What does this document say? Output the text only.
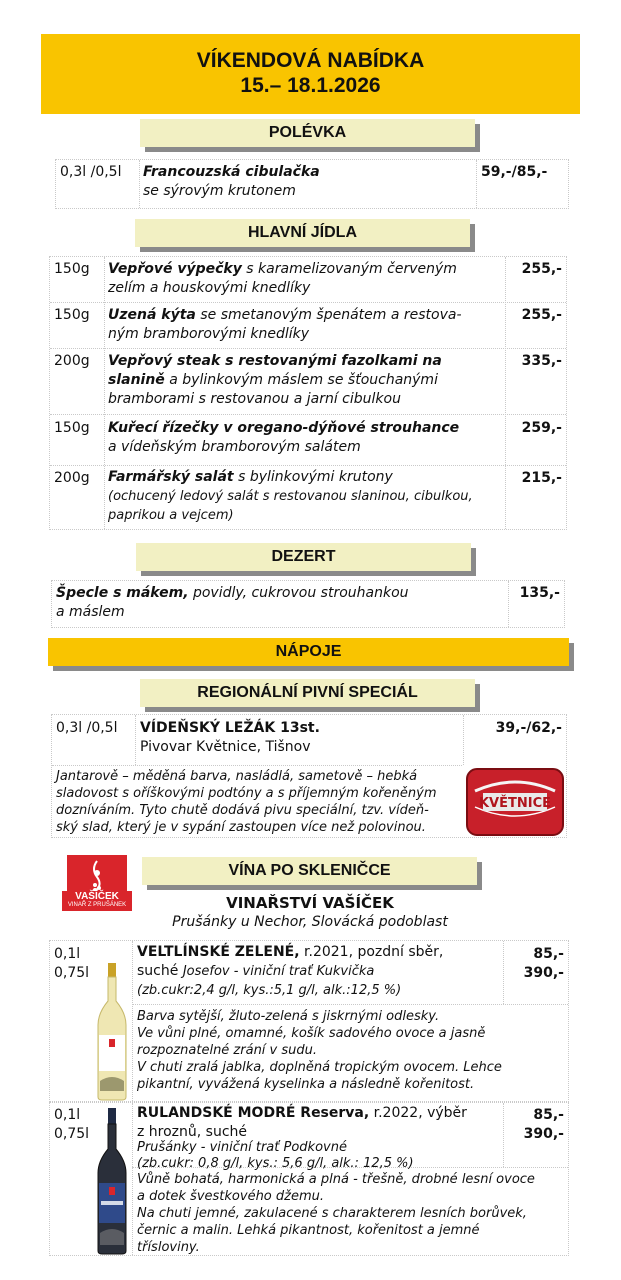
VÍKENDOVÁ NABÍDKA
15.– 18.1.2026
POLÉVKA
0,3l /0,5l Francouzská cibulačka
se sýrovým krutonem
59,-/85,-
HLAVNÍ JÍDLA
150g Vepřové výpečky s karamelizovaným červeným
zelím a houskovými knedlíky
255,-
150g Uzená kýta se smetanovým špenátem a restova-
ným bramborovými knedlíky
255,-
200g Vepřový steak s restovanými fazolkami na
slanině a bylinkovým máslem se šťouchanými
bramborami s restovanou a jarní cibulkou
335,-
150g Kuřecí řízečky v oregano-dýňové strouhance
a vídeňským bramborovým salátem
259,-
200g Farmářský salát s bylinkovými krutony
(ochucený ledový salát s restovanou slaninou, cibulkou,
paprikou a vejcem)
215,-
DEZERT
Špecle s mákem, povidly, cukrovou strouhankou
a máslem
135,-
NÁPOJE
REGIONÁLNÍ PIVNÍ SPECIÁL
0,3l /0,5l VÍDEŇSKÝ LEŽÁK 13st.
Pivovar Květnice, Tišnov
39,-/62,-
Jantarově – měděná barva, nasládlá, sametově – hebká
sladovost s oříškovými podtóny a s příjemným kořeněným
dozníváním. Tyto chutě dodává pivu speciální, tzv. vídeň-
ský slad, který je v sypání zastoupen více než polovinou.
KVĚTNICE
VAŠÍČEK
VINAŘ Z PRUŠÁNEK
VÍNA PO SKLENIČCE
VINAŘSTVÍ VAŠÍČEK
Prušánky u Nechor, Slovácká podoblast
0,1l
0,75l
VELTLÍNSKÉ ZELENÉ, r.2021, pozdní sběr,
suché Josefov - viniční trať Kukvička
(zb.cukr:2,4 g/l, kys.:5,1 g/l, alk.:12,5 %)
85,-
390,-
Barva sytější, žluto-zelená s jiskrnými odlesky.
Ve vůni plné, omamné, košík sadového ovoce a jasně
rozpoznatelné zrání v sudu.
V chuti zralá jablka, doplněná tropickým ovocem. Lehce
pikantní, vyvážená kyselinka a následně kořenitost.
0,1l
0,75l
RULANDSKÉ MODRÉ Reserva, r.2022, výběr
z hroznů, suché

Prušánky - viniční trať Podkovné
(zb.cukr: 0,8 g/l, kys.: 5,6 g/l, alk.: 12,5 %)
85,-
390,-
Vůně bohatá, harmonická a plná - třešně, drobné lesní ovoce
a dotek švestkového džemu.
Na chuti jemné, zakulacené s charakterem lesních borůvek,
černic a malin. Lehká pikantnost, kořenitost a jemné
třísloviny.
